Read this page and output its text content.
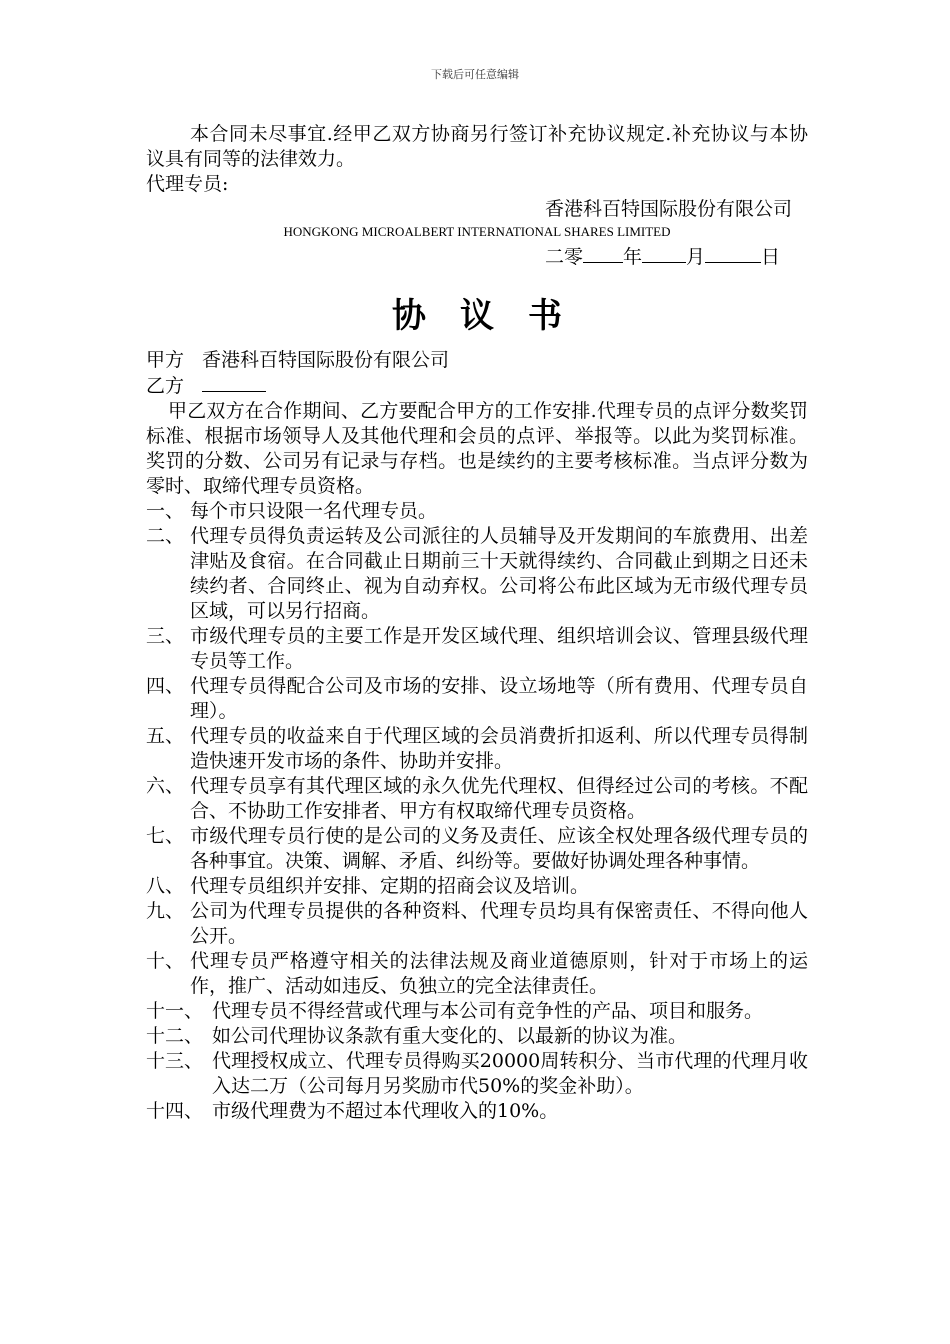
下载后可任意编辑

本合同未尽事宜.经甲乙双方协商另行签订补充协议规定.补充协议与本协议具有同等的法律效力。

代理专员:

香港科百特国际股份有限公司

HONGKONG MICROALBERT INTERNATIONAL SHARES LIMITED

二零 年 月	日

协议书

甲方 香港科百特国际股份有限公司

乙方

甲乙双方在合作期间、乙方要配合甲方的工作安排.代理专员的点评分数奖罚标准、根据市场领导人及其他代理和会员的点评、举报等。以此为奖罚标准。奖罚的分数、公司另有记录与存档。也是续约的主要考核标准。当点评分数为零时、取缔代理专员资格。

一、 每个市只设限一名代理专员。
二、 代理专员得负责运转及公司派往的人员辅导及开发期间的车旅费用、出差津贴及食宿。在合同截止日期前三十天就得续约、合同截止到期之日还未续约者、合同终止、视为自动弃权。公司将公布此区域为无市级代理专员区域，可以另行招商。
三、 市级代理专员的主要工作是开发区域代理、组织培训会议、管理县级代理专员等工作。
四、 代理专员得配合公司及市场的安排、设立场地等（所有费用、代理专员自理）。
五、 代理专员的收益来自于代理区域的会员消费折扣返利、所以代理专员得制造快速开发市场的条件、协助并安排。
六、 代理专员享有其代理区域的永久优先代理权、但得经过公司的考核。不配合、不协助工作安排者、甲方有权取缔代理专员资格。
七、 市级代理专员行使的是公司的义务及责任、应该全权处理各级代理专员的各种事宜。决策、调解、矛盾、纠纷等。要做好协调处理各种事情。
八、 代理专员组织并安排、定期的招商会议及培训。
九、 公司为代理专员提供的各种资料、代理专员均具有保密责任、不得向他人公开。
十、 代理专员严格遵守相关的法律法规及商业道德原则，针对于市场上的运作，推广、活动如违反、负独立的完全法律责任。
十一、 代理专员不得经营或代理与本公司有竞争性的产品、项目和服务。
十二、 如公司代理协议条款有重大变化的、以最新的协议为准。
十三、 代理授权成立、代理专员得购买20000周转积分、当市代理的代理月收入达二万（公司每月另奖励市代50%的奖金补助）。
十四、 市级代理费为不超过本代理收入的10%。
